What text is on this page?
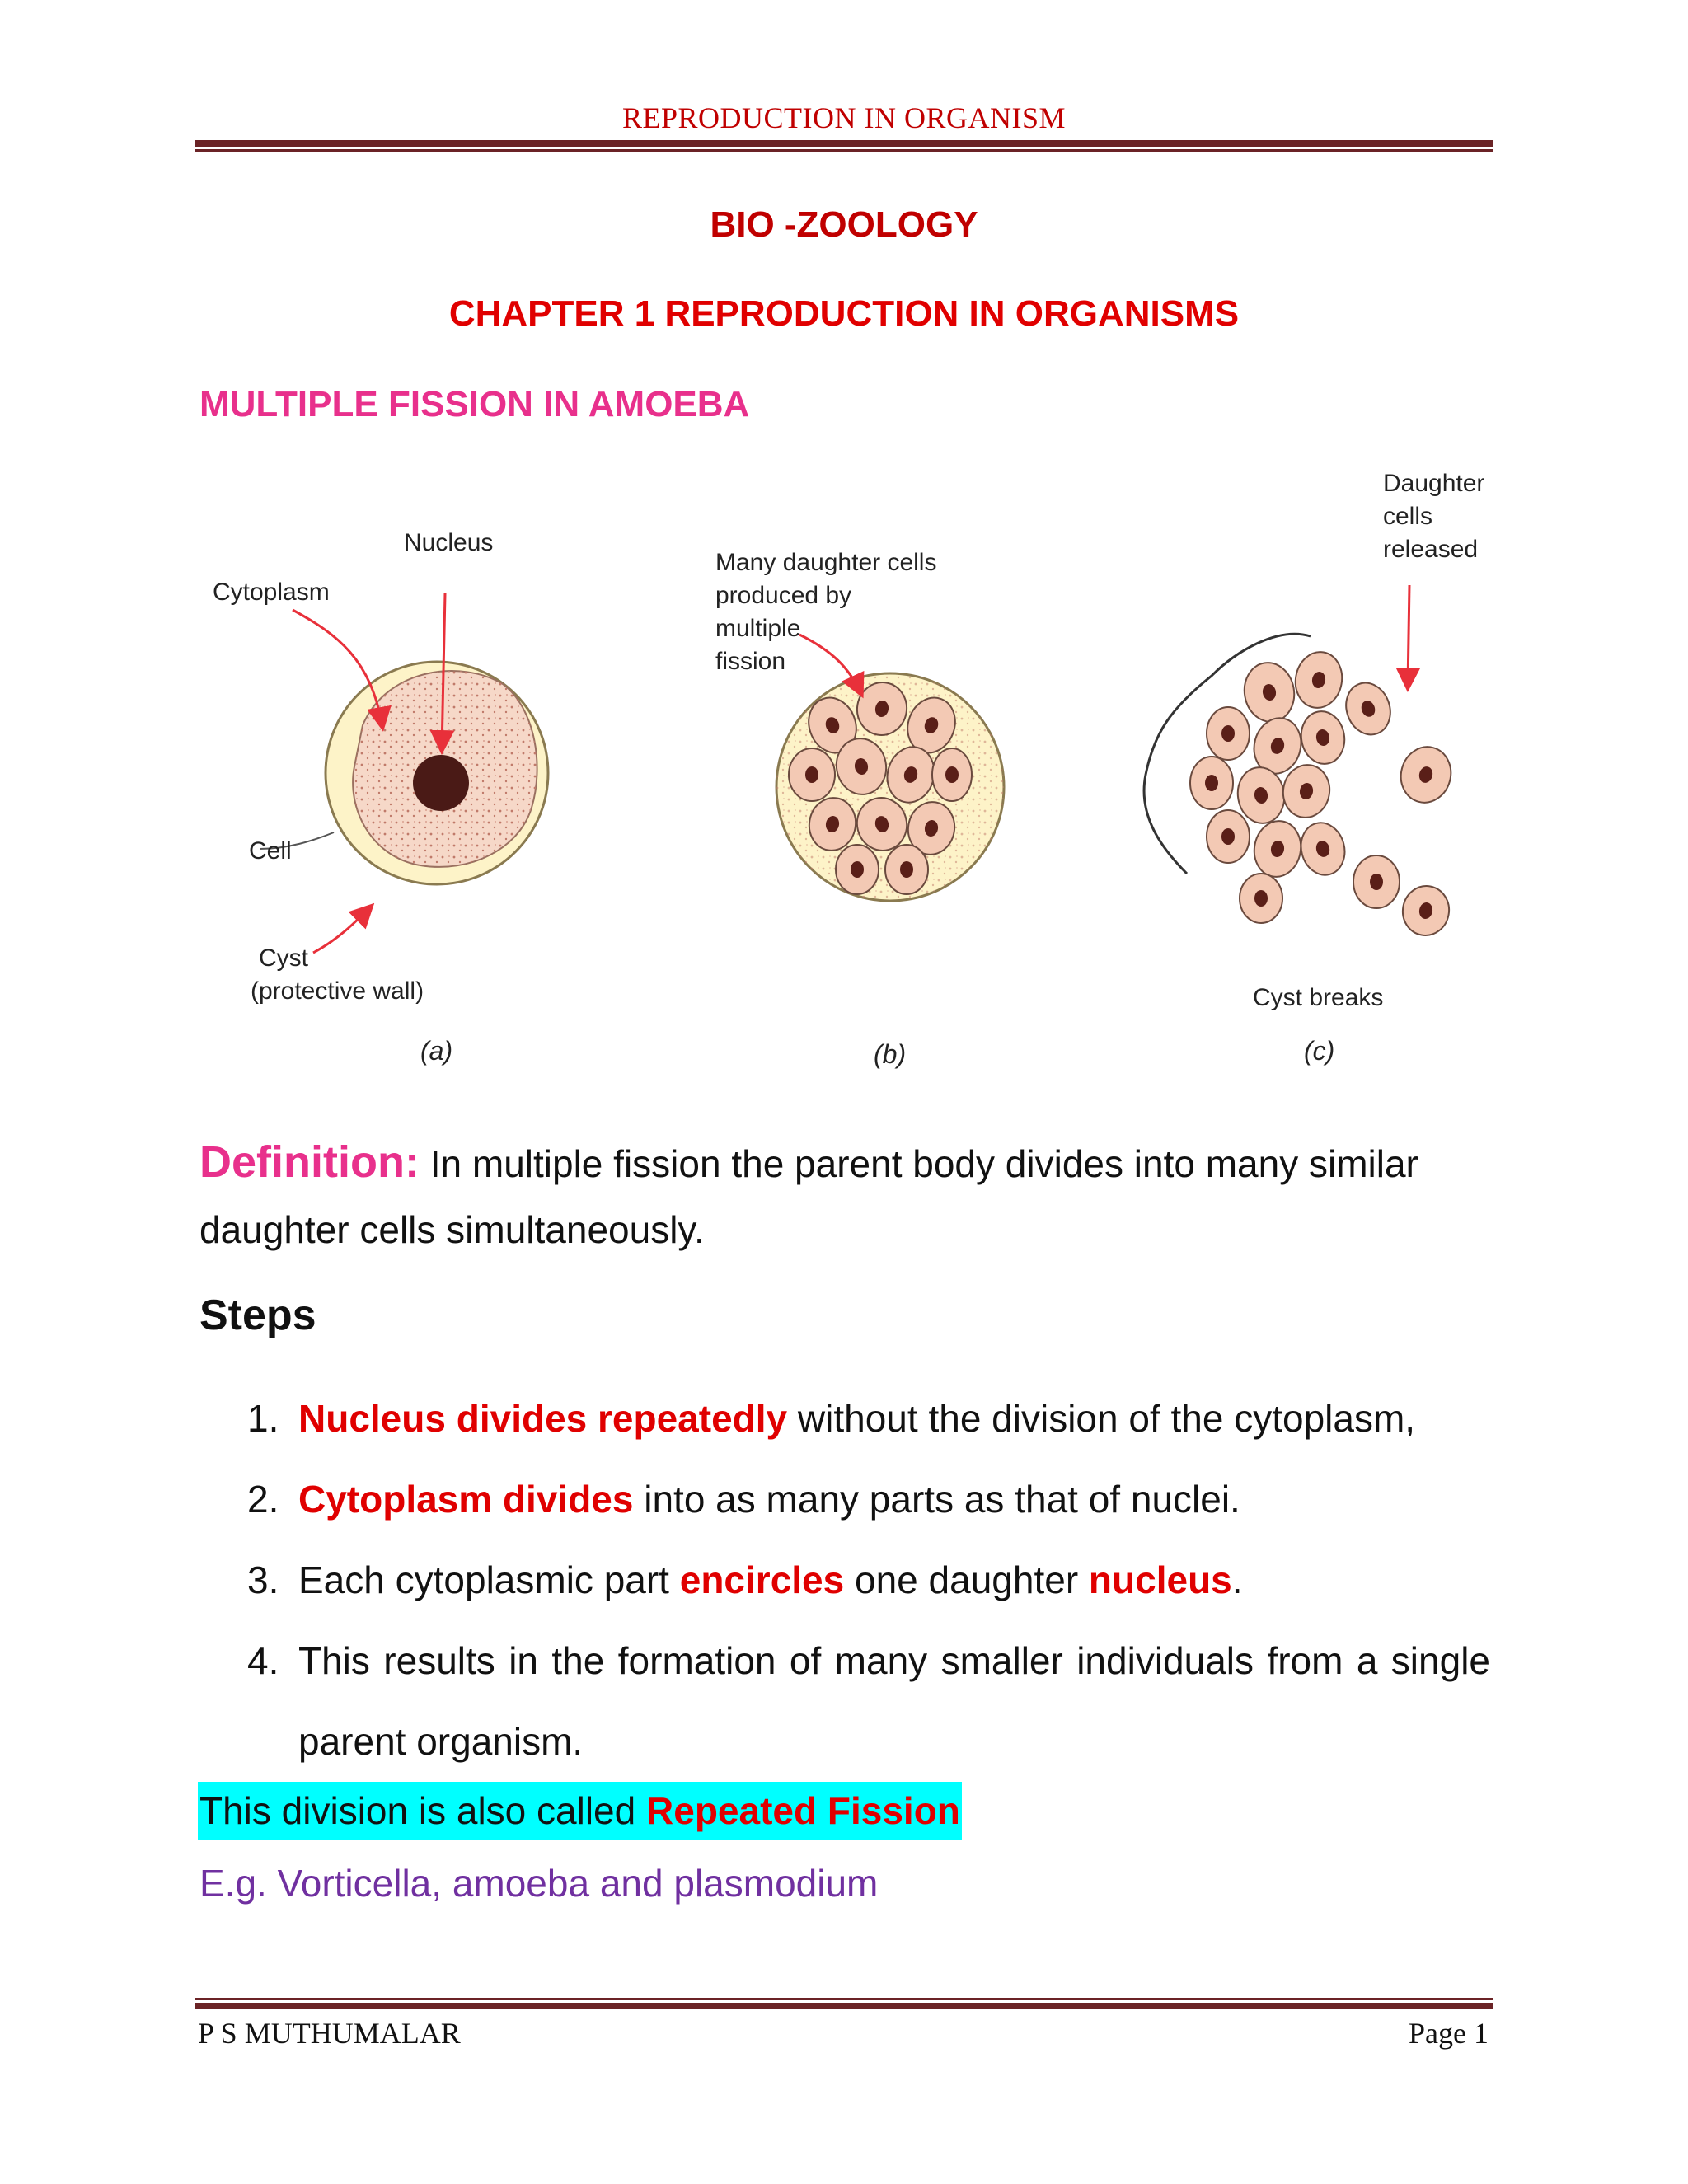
REPRODUCTION IN ORGANISM
BIO -ZOOLOGY
CHAPTER 1 REPRODUCTION IN ORGANISMS
MULTIPLE FISSION IN AMOEBA
Nucleus
Cytoplasm
Cell
Cyst
(protective wall)
(a)
Many daughter cells
produced by
multiple
fission
(b)
Daughter
cells
released
Cyst breaks
(c)
Definition: In multiple fission the parent body divides into many similar daughter cells simultaneously.
Steps
1. Nucleus divides repeatedly without the division of the cytoplasm,
2. Cytoplasm divides into as many parts as that of nuclei.
3. Each cytoplasmic part encircles one daughter nucleus.
4. This results in the formation of many smaller individuals from a single parent organism.
This division is also called Repeated Fission
E.g. Vorticella, amoeba and plasmodium
P S MUTHUMALAR	Page 1
